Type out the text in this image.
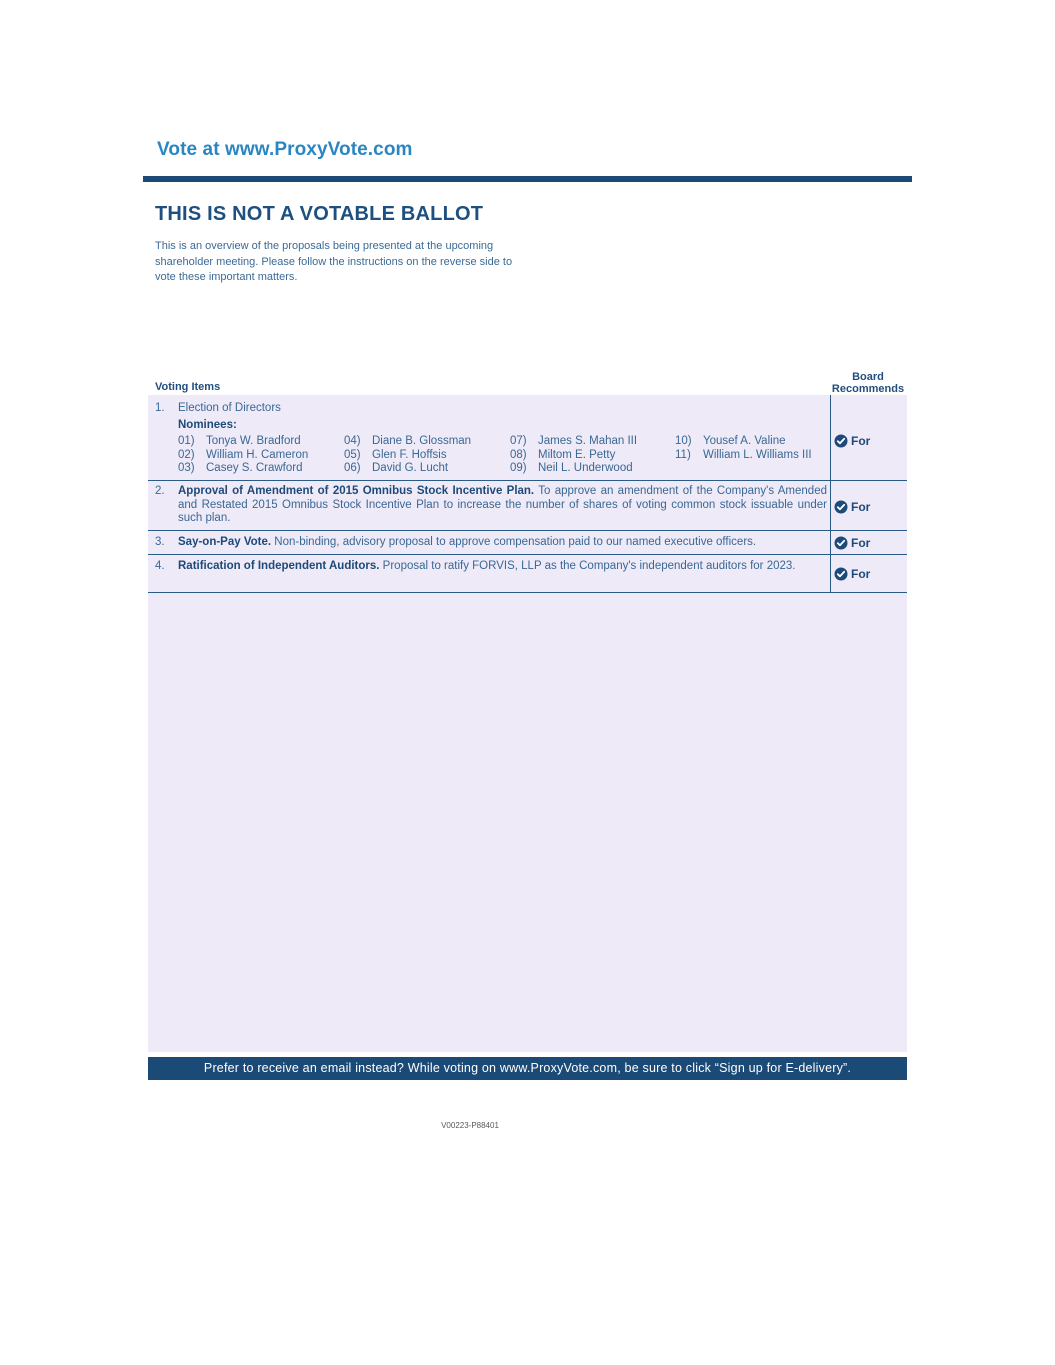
Vote at www.ProxyVote.com
THIS IS NOT A VOTABLE BALLOT
This is an overview of the proposals being presented at the upcoming shareholder meeting. Please follow the instructions on the reverse side to vote these important matters.
Voting Items
Board Recommends
1. Election of Directors
Nominees:
01) Tonya W. Bradford
02) William H. Cameron
03) Casey S. Crawford
04) Diane B. Glossman
05) Glen F. Hoffsis
06) David G. Lucht
07) James S. Mahan III
08) Miltom E. Petty
09) Neil L. Underwood
10) Yousef A. Valine
11) William L. Williams III
For
2. Approval of Amendment of 2015 Omnibus Stock Incentive Plan. To approve an amendment of the Company's Amended and Restated 2015 Omnibus Stock Incentive Plan to increase the number of shares of voting common stock issuable under such plan.
For
3. Say-on-Pay Vote. Non-binding, advisory proposal to approve compensation paid to our named executive officers.	For
4. Ratification of Independent Auditors. Proposal to ratify FORVIS, LLP as the Company's independent auditors for 2023.
For
Prefer to receive an email instead? While voting on www.ProxyVote.com, be sure to click “Sign up for E-delivery”.
V00223-P88401
